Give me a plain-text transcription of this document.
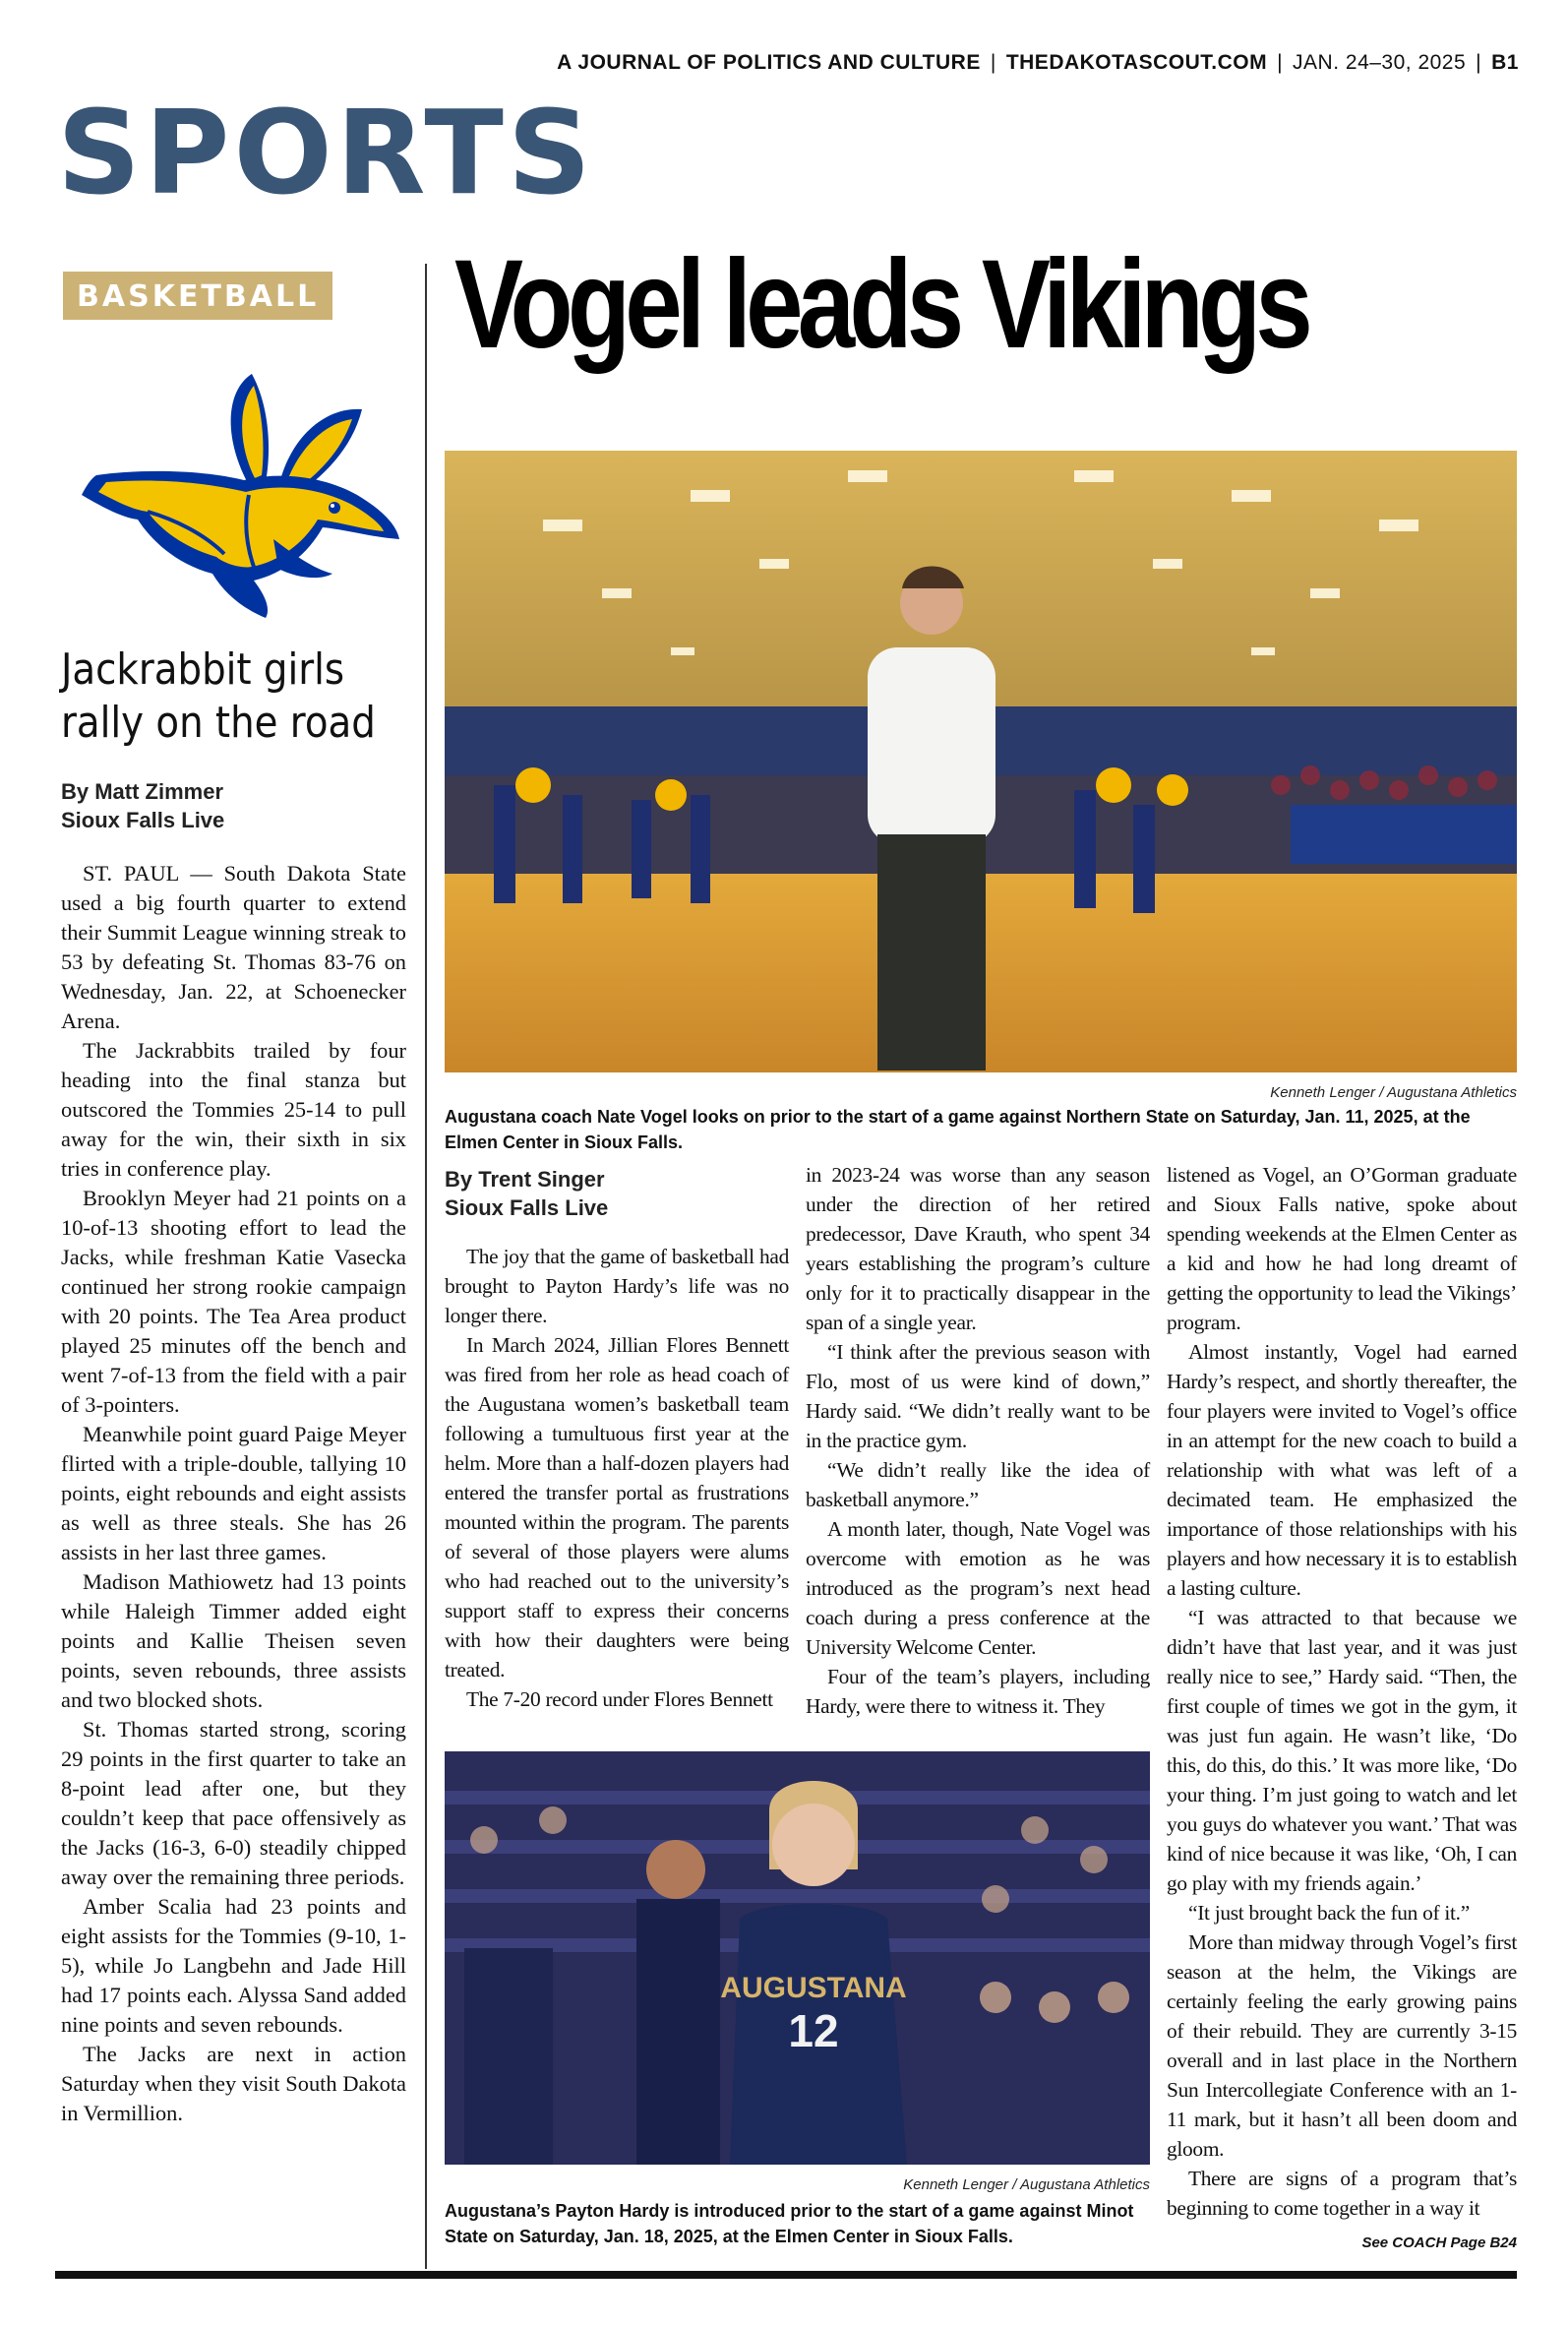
A JOURNAL OF POLITICS AND CULTURE | THEDAKOTASCOUT.COM | JAN. 24–30, 2025 | B1
SPORTS
BASKETBALL
Jackrabbit girls
rally on the road
By Matt Zimmer
Sioux Falls Live

ST. PAUL — South Dakota State used a big fourth quarter to extend their Summit League winning streak to 53 by defeating St. Thomas 83-76 on Wednesday, Jan. 22, at Schoenecker Arena.

The Jackrabbits trailed by four heading into the final stanza but outscored the Tommies 25-14 to pull away for the win, their sixth in six tries in conference play.

Brooklyn Meyer had 21 points on a 10-of-13 shooting effort to lead the Jacks, while freshman Katie Vasecka continued her strong rookie campaign with 20 points. The Tea Area product played 25 minutes off the bench and went 7-of-13 from the field with a pair of 3-pointers.

Meanwhile point guard Paige Meyer flirted with a triple-double, tallying 10 points, eight rebounds and eight assists as well as three steals. She has 26 assists in her last three games.

Madison Mathiowetz had 13 points while Haleigh Timmer added eight points and Kallie Theisen seven points, seven rebounds, three assists and two blocked shots.

St. Thomas started strong, scoring 29 points in the first quarter to take an 8-point lead after one, but they couldn’t keep that pace offensively as the Jacks (16-3, 6-0) steadily chipped away over the remaining three periods.

Amber Scalia had 23 points and eight assists for the Tommies (9-10, 1-5), while Jo Langbehn and Jade Hill had 17 points each. Alyssa Sand added nine points and seven rebounds.

The Jacks are next in action Saturday when they visit South Dakota in Vermillion.

Vogel leads Vikings
Kenneth Lenger / Augustana Athletics
Augustana coach Nate Vogel looks on prior to the start of a game against Northern State on Saturday, Jan. 11, 2025, at the Elmen Center in Sioux Falls.
By Trent Singer
Sioux Falls Live

The joy that the game of basketball had brought to Payton Hardy’s life was no longer there.

In March 2024, Jillian Flores Bennett was fired from her role as head coach of the Augustana women’s basketball team following a tumultuous first year at the helm. More than a half-dozen players had entered the transfer portal as frustrations mounted within the program. The parents of several of those players were alums who had reached out to the university’s support staff to express their concerns with how their daughters were being treated.

The 7-20 record under Flores Bennett

in 2023-24 was worse than any season under the direction of her retired predecessor, Dave Krauth, who spent 34 years establishing the program’s culture only for it to practically disappear in the span of a single year.

“I think after the previous season with Flo, most of us were kind of down,” Hardy said. “We didn’t really want to be in the practice gym.

“We didn’t really like the idea of basketball anymore.”

A month later, though, Nate Vogel was overcome with emotion as he was introduced as the program’s next head coach during a press conference at the University Welcome Center.

Four of the team’s players, including Hardy, were there to witness it. They

listened as Vogel, an O’Gorman graduate and Sioux Falls native, spoke about spending weekends at the Elmen Center as a kid and how he had long dreamt of getting the opportunity to lead the Vikings’ program.

Almost instantly, Vogel had earned Hardy’s respect, and shortly thereafter, the four players were invited to Vogel’s office in an attempt for the new coach to build a relationship with what was left of a decimated team. He emphasized the importance of those relationships with his players and how necessary it is to establish a lasting culture.

“I was attracted to that because we didn’t have that last year, and it was just really nice to see,” Hardy said. “Then, the first couple of times we got in the gym, it was just fun again. He wasn’t like, ‘Do this, do this, do this.’ It was more like, ‘Do your thing. I’m just going to watch and let you guys do whatever you want.’ That was kind of nice because it was like, ‘Oh, I can go play with my friends again.’

“It just brought back the fun of it.”

More than midway through Vogel’s first season at the helm, the Vikings are certainly feeling the early growing pains of their rebuild. They are currently 3-15 overall and in last place in the Northern Sun Intercollegiate Conference with an 1-11 mark, but it hasn’t all been doom and gloom.

There are signs of a program that’s beginning to come together in a way it

AUGUSTANA
12
Kenneth Lenger / Augustana Athletics
Augustana’s Payton Hardy is introduced prior to the start of a game against Minot State on Saturday, Jan. 18, 2025, at the Elmen Center in Sioux Falls.	See COACH Page B24
